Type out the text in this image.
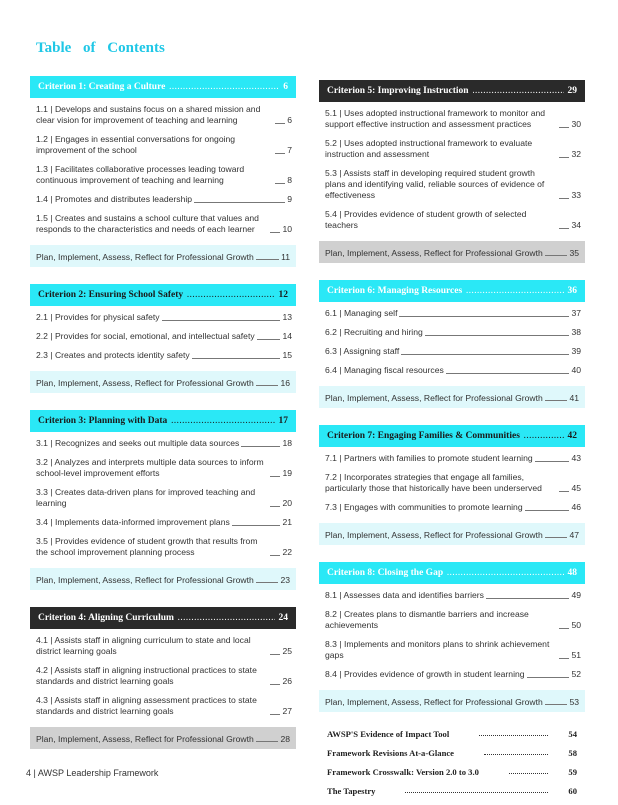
Table of Contents
Criterion 1: Creating a Culture .....	6
1.1 | Develops and sustains focus on a shared mission and clear vision for improvement of teaching and learning	6
1.2 | Engages in essential conversations for ongoing improvement of the school	7
1.3 | Facilitates collaborative processes leading toward continuous improvement of teaching and learning	8
1.4 | Promotes and distributes leadership	9
1.5 | Creates and sustains a school culture that values and responds to the characteristics and needs of each learner	10
Plan, Implement, Assess, Reflect for Professional Growth	11
Criterion 2: Ensuring School Safety .....	12
2.1 | Provides for physical safety	13
2.2 | Provides for social, emotional, and intellectual safety	14
2.3 | Creates and protects identity safety	15
Plan, Implement, Assess, Reflect for Professional Growth	16
Criterion 3: Planning with Data .....	17
3.1 | Recognizes and seeks out multiple data sources	18
3.2 | Analyzes and interprets multiple data sources to inform school-level improvement efforts	19
3.3 | Creates data-driven plans for improved teaching and learning	20
3.4 | Implements data-informed improvement plans	21
3.5 | Provides evidence of student growth that results from the school improvement planning process	22
Plan, Implement, Assess, Reflect for Professional Growth	23
Criterion 4: Aligning Curriculum .....	24
4.1 | Assists staff in aligning curriculum to state and local district learning goals	25
4.2 | Assists staff in aligning instructional practices to state standards and district learning goals	26
4.3 | Assists staff in aligning assessment practices to state standards and district learning goals	27
Plan, Implement, Assess, Reflect for Professional Growth	28
Criterion 5: Improving Instruction .....	29
5.1 | Uses adopted instructional framework to monitor and support effective instruction and assessment practices	30
5.2 | Uses adopted instructional framework to evaluate instruction and assessment	32
5.3 | Assists staff in developing required student growth plans and identifying valid, reliable sources of evidence of effectiveness	33
5.4 | Provides evidence of student growth of selected teachers	34
Plan, Implement, Assess, Reflect for Professional Growth	35
Criterion 6: Managing Resources .....	36
6.1 | Managing self	37
6.2 | Recruiting and hiring	38
6.3 | Assigning staff	39
6.4 | Managing fiscal resources	40
Plan, Implement, Assess, Reflect for Professional Growth	41
Criterion 7: Engaging Families & Communities .....	42
7.1 | Partners with families to promote student learning	43
7.2 | Incorporates strategies that engage all families, particularly those that historically have been underserved	45
7.3 | Engages with communities to promote learning	46
Plan, Implement, Assess, Reflect for Professional Growth	47
Criterion 8: Closing the Gap .....	48
8.1 | Assesses data and identifies barriers	49
8.2 | Creates plans to dismantle barriers and increase achievements	50
8.3 | Implements and monitors plans to shrink achievement gaps	51
8.4 | Provides evidence of growth in student learning	52
Plan, Implement, Assess, Reflect for Professional Growth	53
AWSP'S Evidence of Impact Tool	54
Framework Revisions At-a-Glance	58
Framework Crosswalk: Version 2.0 to 3.0	59
The Tapestry	60
4 | AWSP Leadership Framework
